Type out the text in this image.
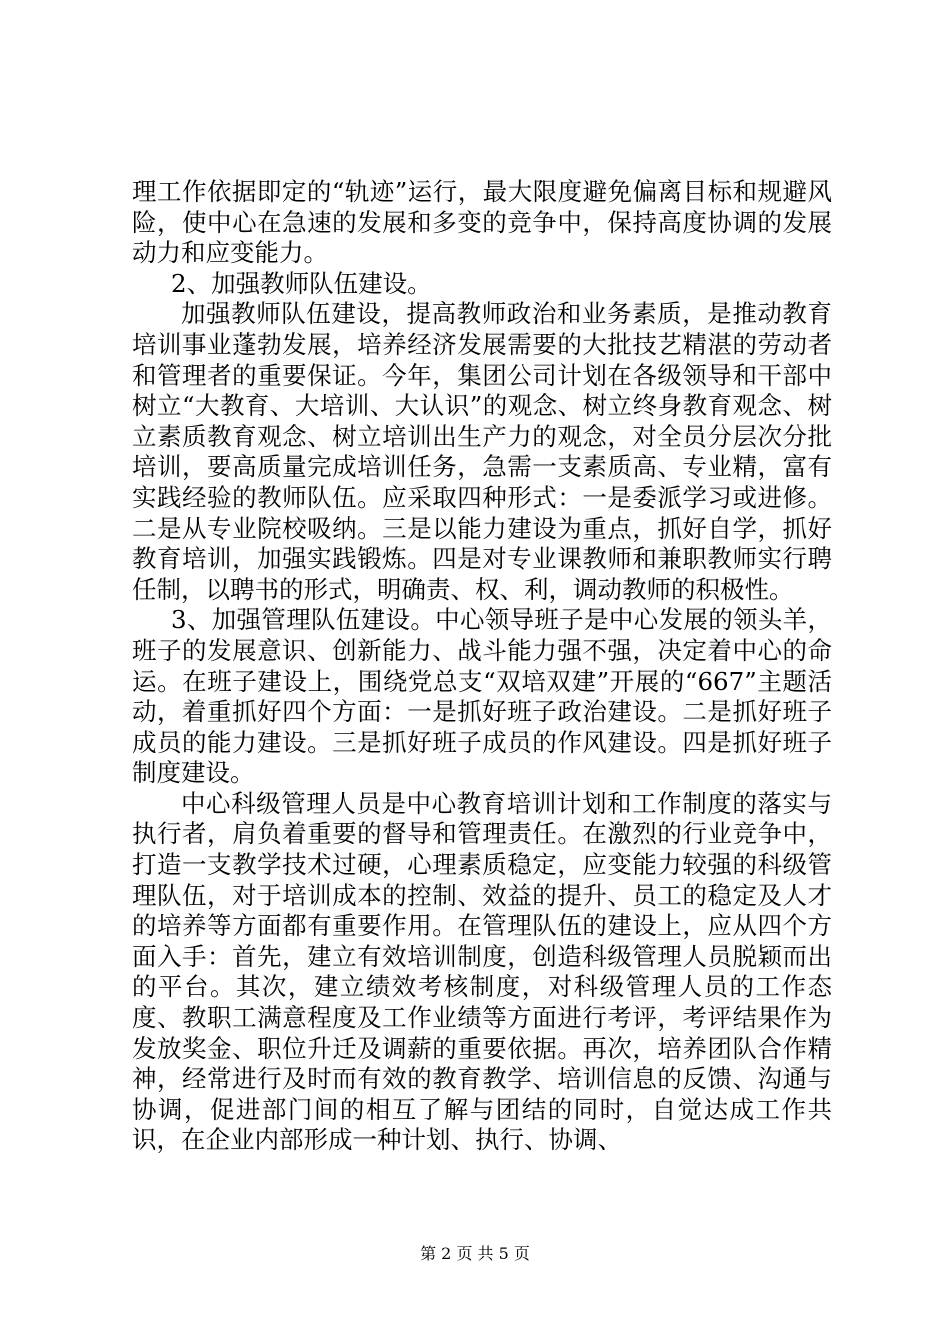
理工作依据即定的“轨迹”运行，最大限度避免偏离目标和规避风险，使中心在急速的发展和多变的竞争中，保持高度协调的发展动力和应变能力。

2、加强教师队伍建设。

加强教师队伍建设，提高教师政治和业务素质，是推动教育培训事业蓬勃发展，培养经济发展需要的大批技艺精湛的劳动者和管理者的重要保证。今年，集团公司计划在各级领导和干部中树立“大教育、大培训、大认识”的观念、树立终身教育观念、树立素质教育观念、树立培训出生产力的观念，对全员分层次分批培训，要高质量完成培训任务，急需一支素质高、专业精，富有实践经验的教师队伍。应采取四种形式：一是委派学习或进修。二是从专业院校吸纳。三是以能力建设为重点，抓好自学，抓好教育培训，加强实践锻炼。四是对专业课教师和兼职教师实行聘任制，以聘书的形式，明确责、权、利，调动教师的积极性。

3、加强管理队伍建设。中心领导班子是中心发展的领头羊，班子的发展意识、创新能力、战斗能力强不强，决定着中心的命运。在班子建设上，围绕党总支“双培双建”开展的“667”主题活动，着重抓好四个方面：一是抓好班子政治建设。二是抓好班子成员的能力建设。三是抓好班子成员的作风建设。四是抓好班子制度建设。

中心科级管理人员是中心教育培训计划和工作制度的落实与执行者，肩负着重要的督导和管理责任。在激烈的行业竞争中，打造一支教学技术过硬，心理素质稳定，应变能力较强的科级管理队伍，对于培训成本的控制、效益的提升、员工的稳定及人才的培养等方面都有重要作用。在管理队伍的建设上，应从四个方面入手：首先，建立有效培训制度，创造科级管理人员脱颖而出的平台。其次，建立绩效考核制度，对科级管理人员的工作态度、教职工满意程度及工作业绩等方面进行考评，考评结果作为发放奖金、职位升迁及调薪的重要依据。再次，培养团队合作精神，经常进行及时而有效的教育教学、培训信息的反馈、沟通与协调，促进部门间的相互了解与团结的同时，自觉达成工作共识，在企业内部形成一种计划、执行、协调、

第 2 页 共 5 页
